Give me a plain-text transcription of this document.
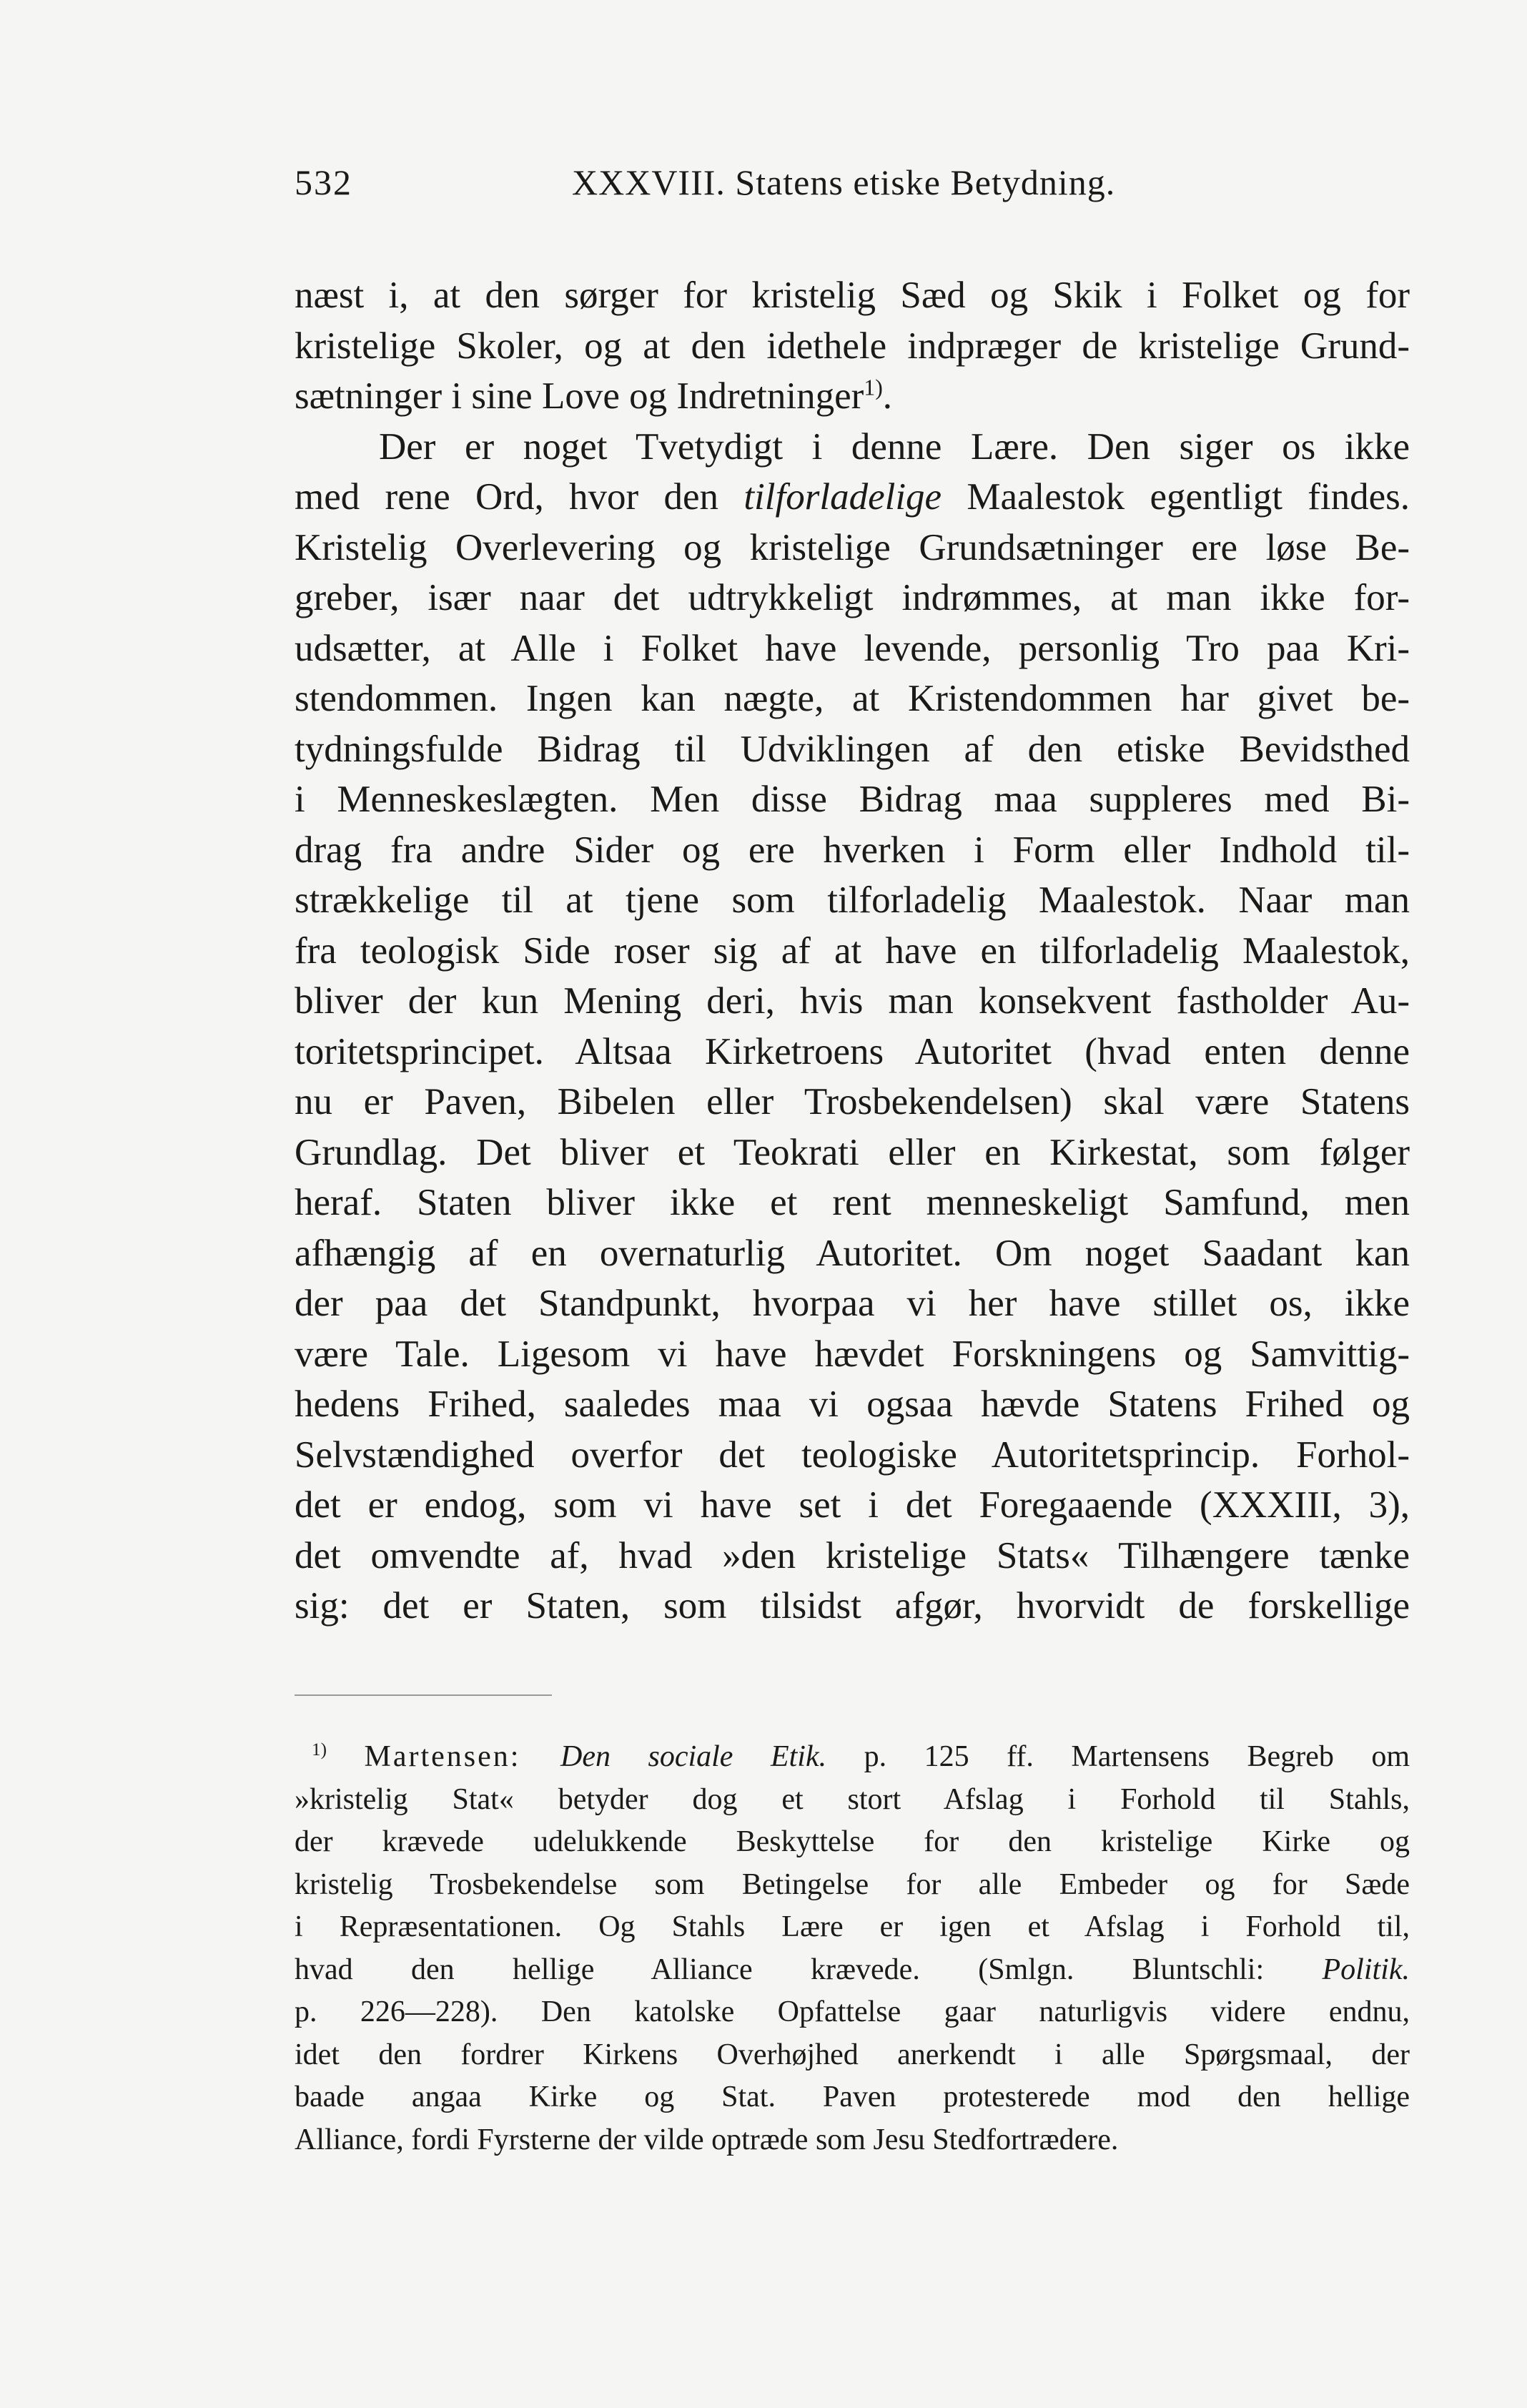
532	XXXVIII. Statens etiske Betydning.
næst i, at den sørger for kristelig Sæd og Skik i Folket og for
kristelige Skoler, og at den idethele indpræger de kristelige Grund-
sætninger i sine Love og Indretninger$^{1)}$.
Der er noget Tvetydigt i denne Lære. Den siger os ikke
med rene Ord, hvor den tilforladelige Maalestok egentligt findes.
Kristelig Overlevering og kristelige Grundsætninger ere løse Be-
greber, især naar det udtrykkeligt indrømmes, at man ikke for-
udsætter, at Alle i Folket have levende, personlig Tro paa Kri-
stendommen. Ingen kan nægte, at Kristendommen har givet be-
tydningsfulde Bidrag til Udviklingen af den etiske Bevidsthed
i Menneskeslægten. Men disse Bidrag maa suppleres med Bi-
drag fra andre Sider og ere hverken i Form eller Indhold til-
strækkelige til at tjene som tilforladelig Maalestok. Naar man
fra teologisk Side roser sig af at have en tilforladelig Maalestok,
bliver der kun Mening deri, hvis man konsekvent fastholder Au-
toritetsprincipet. Altsaa Kirketroens Autoritet (hvad enten denne
nu er Paven, Bibelen eller Trosbekendelsen) skal være Statens
Grundlag. Det bliver et Teokrati eller en Kirkestat, som følger
heraf. Staten bliver ikke et rent menneskeligt Samfund, men
afhængig af en overnaturlig Autoritet. Om noget Saadant kan
der paa det Standpunkt, hvorpaa vi her have stillet os, ikke
være Tale. Ligesom vi have hævdet Forskningens og Samvittig-
hedens Frihed, saaledes maa vi ogsaa hævde Statens Frihed og
Selvstændighed overfor det teologiske Autoritetsprincip. Forhol-
det er endog, som vi have set i det Foregaaende (XXXIII, 3),
det omvendte af, hvad »den kristelige Stats« Tilhængere tænke
sig: det er Staten, som tilsidst afgør, hvorvidt de forskellige
$^{1)}$ Martensen: Den sociale Etik. p. 125 ff. Martensens Begreb om
»kristelig Stat« betyder dog et stort Afslag i Forhold til Stahls,
der krævede udelukkende Beskyttelse for den kristelige Kirke og
kristelig Trosbekendelse som Betingelse for alle Embeder og for Sæde
i Repræsentationen. Og Stahls Lære er igen et Afslag i Forhold til,
hvad den hellige Alliance krævede. (Smlgn. Bluntschli: Politik.
p. 226—228). Den katolske Opfattelse gaar naturligvis videre endnu,
idet den fordrer Kirkens Overhøjhed anerkendt i alle Spørgsmaal, der
baade angaa Kirke og Stat. Paven protesterede mod den hellige
Alliance, fordi Fyrsterne der vilde optræde som Jesu Stedfortrædere.
